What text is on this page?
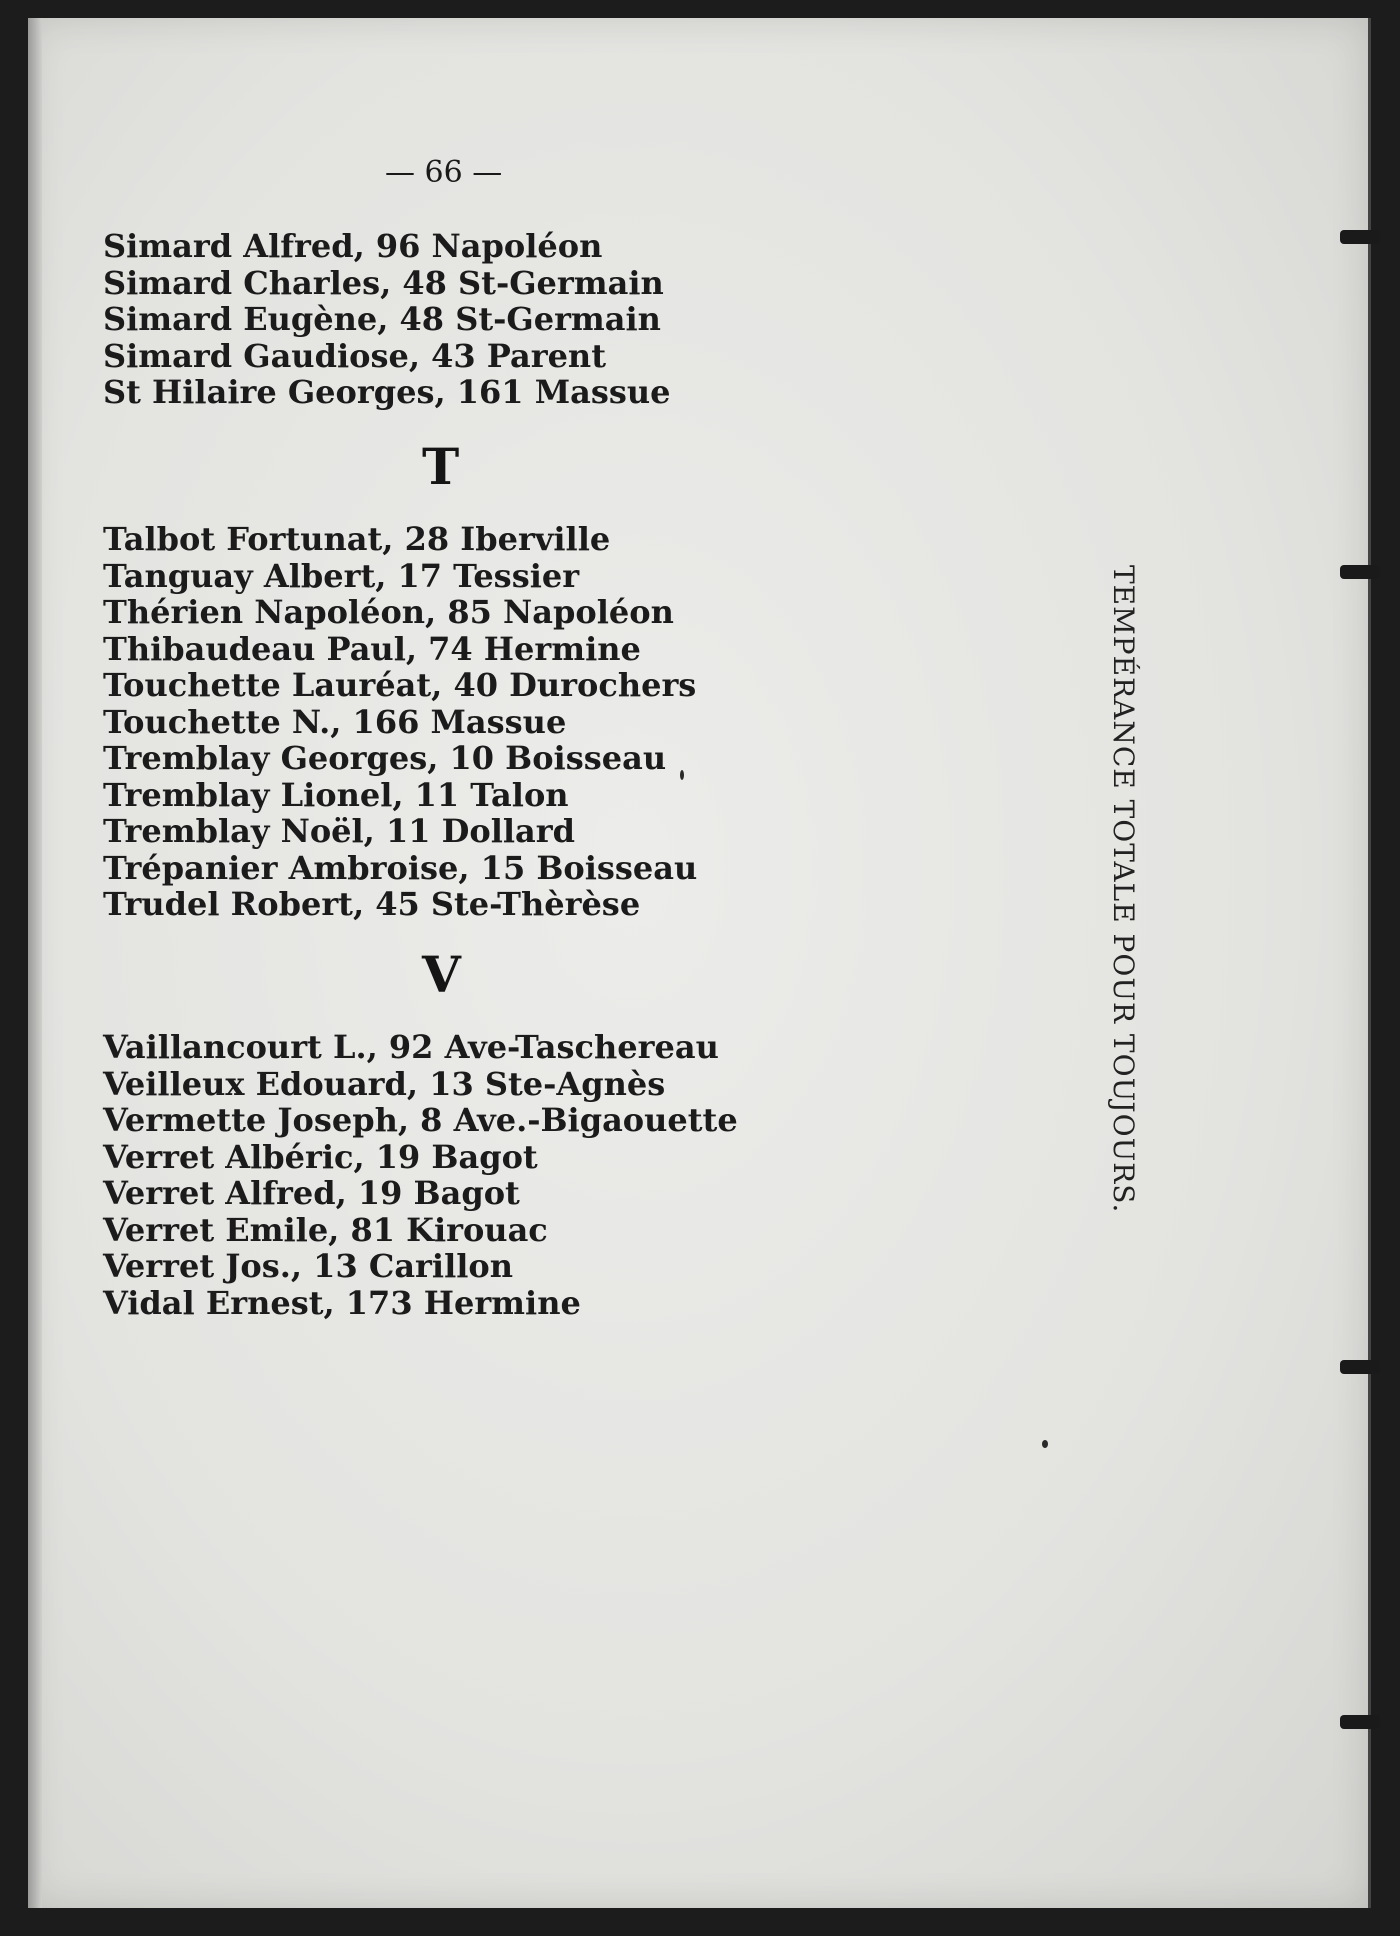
— 66 —
Simard Alfred, 96 Napoléon
Simard Charles, 48 St-Germain
Simard Eugène, 48 St-Germain
Simard Gaudiose, 43 Parent
St Hilaire Georges, 161 Massue
T
Talbot Fortunat, 28 Iberville
Tanguay Albert, 17 Tessier
Thérien Napoléon, 85 Napoléon
Thibaudeau Paul, 74 Hermine
Touchette Lauréat, 40 Durochers
Touchette N., 166 Massue
Tremblay Georges, 10 Boisseau
Tremblay Lionel, 11 Talon
Tremblay Noël, 11 Dollard
Trépanier Ambroise, 15 Boisseau
Trudel Robert, 45 Ste-Thèrèse
V
Vaillancourt L., 92 Ave-Taschereau
Veilleux Edouard, 13 Ste-Agnès
Vermette Joseph, 8 Ave.-Bigaouette
Verret Albéric, 19 Bagot
Verret Alfred, 19 Bagot
Verret Emile, 81 Kirouac
Verret Jos., 13 Carillon
Vidal Ernest, 173 Hermine
TEMPÉRANCE TOTALE POUR TOUJOURS.
